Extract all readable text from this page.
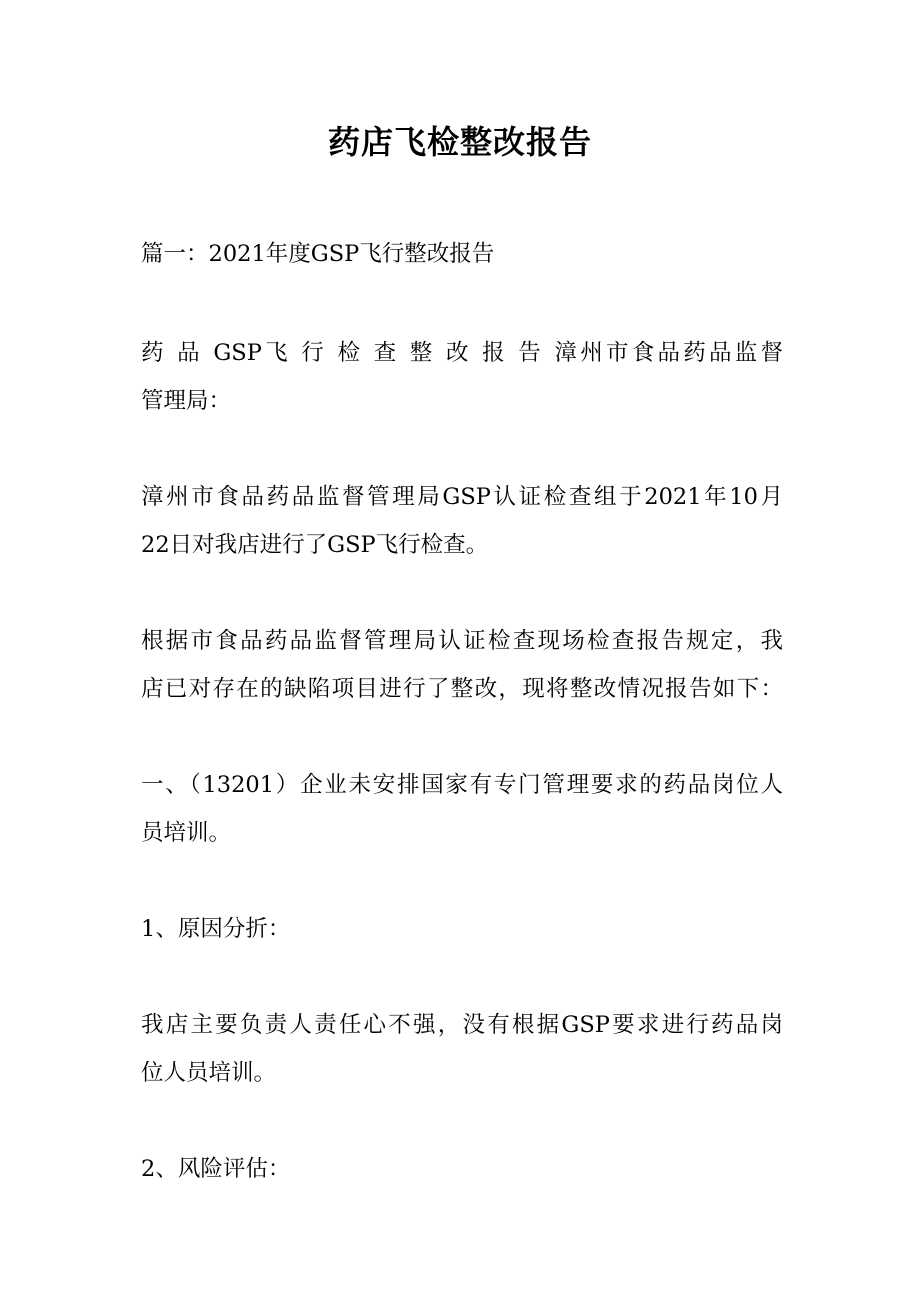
药店飞检整改报告
篇一：2021年度GSP飞行整改报告
药 品 GSP飞 行 检 查 整 改 报 告 漳州市食品药品监督
管理局：
漳州市食品药品监督管理局GSP认证检查组于2021年10月
22日对我店进行了GSP飞行检查。
根据市食品药品监督管理局认证检查现场检查报告规定，我
店已对存在的缺陷项目进行了整改，现将整改情况报告如下：
一、（13201）企业未安排国家有专门管理要求的药品岗位人
员培训。
1、原因分折：
我店主要负责人责任心不强，没有根据GSP要求进行药品岗
位人员培训。
2、风险评估：
